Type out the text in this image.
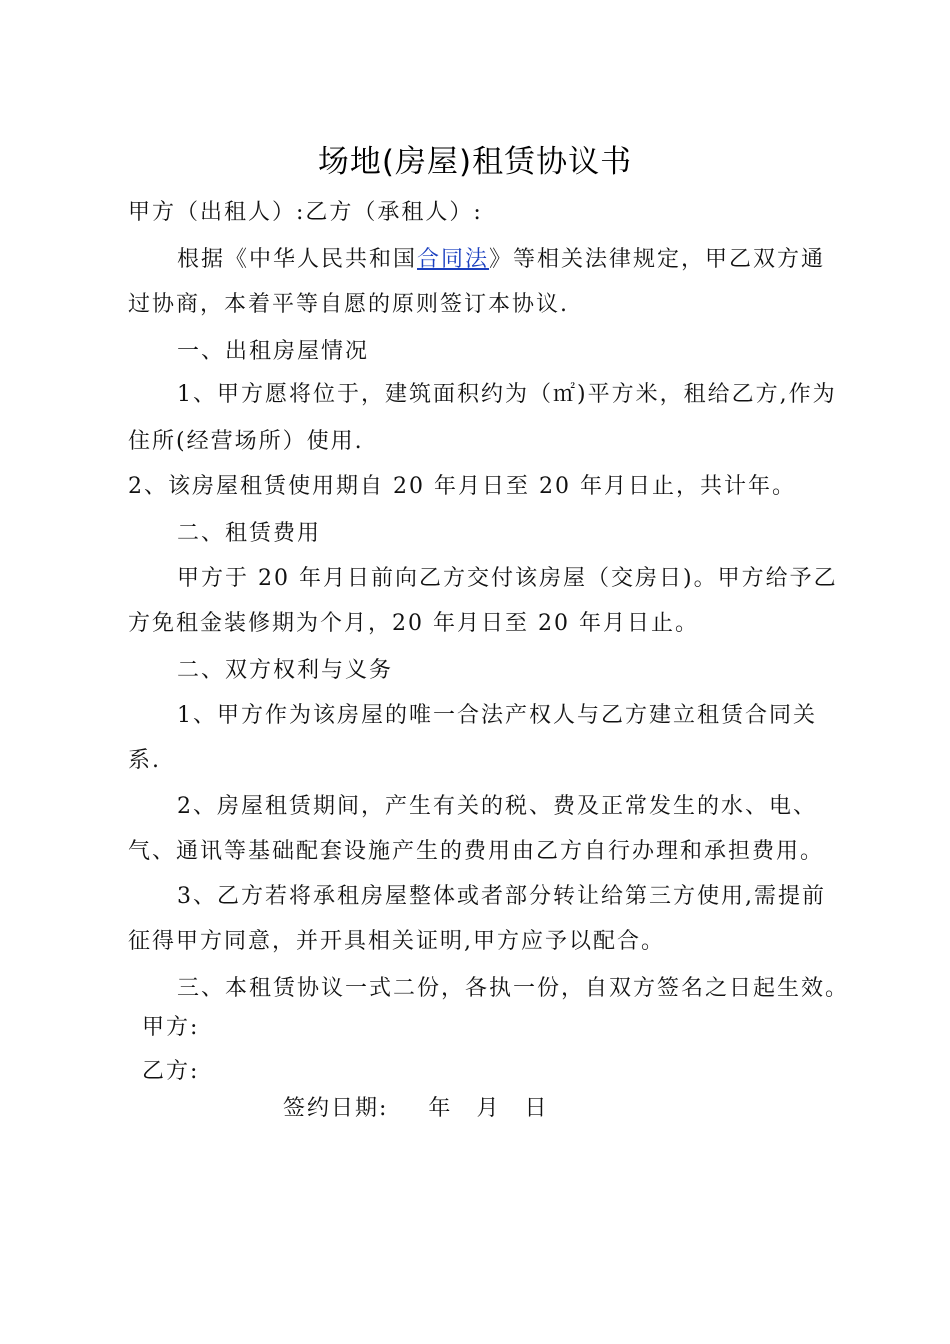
场地(房屋)租赁协议书
甲方（出租人）:乙方（承租人）:
根据《中华人民共和国合同法》等相关法律规定，甲乙双方通
过协商，本着平等自愿的原则签订本协议.
一、出租房屋情况
1、甲方愿将位于，建筑面积约为（㎡)平方米，租给乙方,作为
住所(经营场所）使用.
2、该房屋租赁使用期自 20 年月日至 20 年月日止，共计年。
二、租赁费用
甲方于 20 年月日前向乙方交付该房屋（交房日)。甲方给予乙
方免租金装修期为个月，20 年月日至 20 年月日止。
二、双方权利与义务
1、甲方作为该房屋的唯一合法产权人与乙方建立租赁合同关
系.
2、房屋租赁期间，产生有关的税、费及正常发生的水、电、
气、通讯等基础配套设施产生的费用由乙方自行办理和承担费用。
3、乙方若将承租房屋整体或者部分转让给第三方使用,需提前
征得甲方同意，并开具相关证明,甲方应予以配合。
三、本租赁协议一式二份，各执一份，自双方签名之日起生效。
甲方:
乙方:
签约日期: 年 月 日
